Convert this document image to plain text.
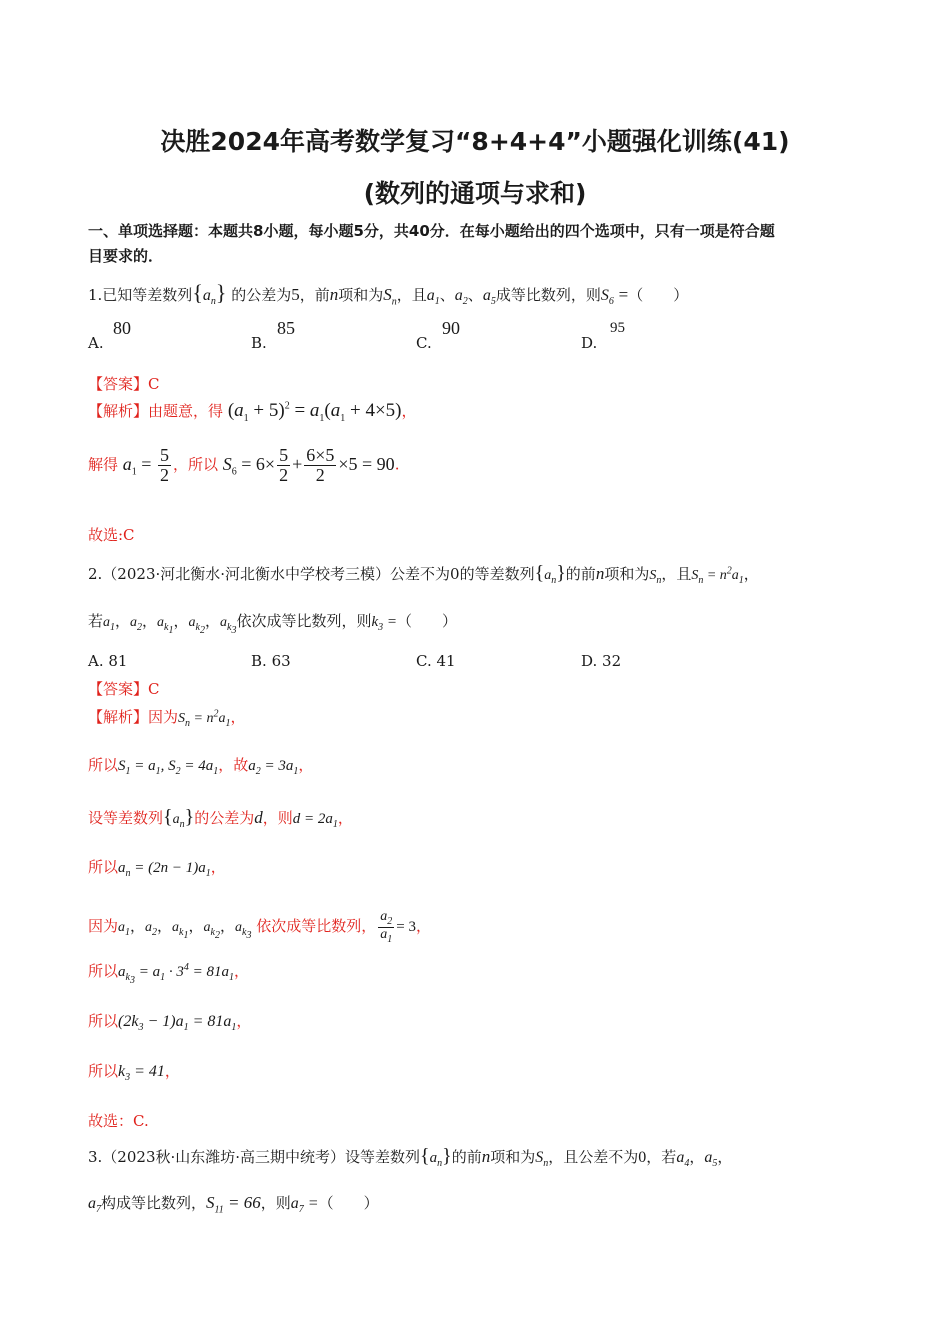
决胜2024年高考数学复习“8+4+4”小题强化训练(41)
(数列的通项与求和)
一、单项选择题：本题共8小题，每小题5分，共40分．在每小题给出的四个选项中，只有一项是符合题
目要求的．
1.已知等差数列$\{a_n\}$ 的公差为5，前n项和为$S_n$，且$a_1$、$a_2$、$a_5$成等比数列，则$S_6$ =（　　）
A.
80
B.
85
C.
90
D.
95
【答案】C
【解析】由题意，得 $(a_1 + 5)^2 = a_1(a_1 + 4\times 5)$，
解得 $a_1 = \frac{5}{2}$ ，所以 $S_6 = 6\times \frac{5}{2} + \frac{6\times 5}{2} \times 5 = 90$.
故选:C
2.（2023·河北衡水·河北衡水中学校考三模）公差不为0的等差数列$\{a_n\}$的前n项和为$S_n$，且$S_n = n^2a_1$，
若$a_1$，$a_2$，$a_{k_1}$，$a_{k_2}$，$a_{k_3}$依次成等比数列，则$k_3$ =（　　）
A. 81	B. 63	C. 41	D. 32
【答案】C
【解析】因为$S_n = n^2a_1$，
所以$S_1 = a_1$, $S_2 = 4a_1$，故$a_2 = 3a_1$，
设等差数列$\{a_n\}$的公差为d，则$d = 2a_1$，
所以$a_n = (2n - 1)a_1$，
因为$a_1$，$a_2$，$a_{k_1}$，$a_{k_2}$，$a_{k_3}$ 依次成等比数列， $\frac{a_2}{a_1} = 3$，
所以$a_{k_3} = a_1 \cdot 3^4 = 81a_1$，
所以$(2k_3 - 1)a_1 = 81a_1$，
所以$k_3 = 41$，
故选：C.
3.（2023秋·山东潍坊·高三期中统考）设等差数列$\{a_n\}$的前n项和为$S_n$，且公差不为0，若$a_4$，$a_5$，
$a_7$构成等比数列，$S_{11} = 66$，则$a_7$ =（　　）
